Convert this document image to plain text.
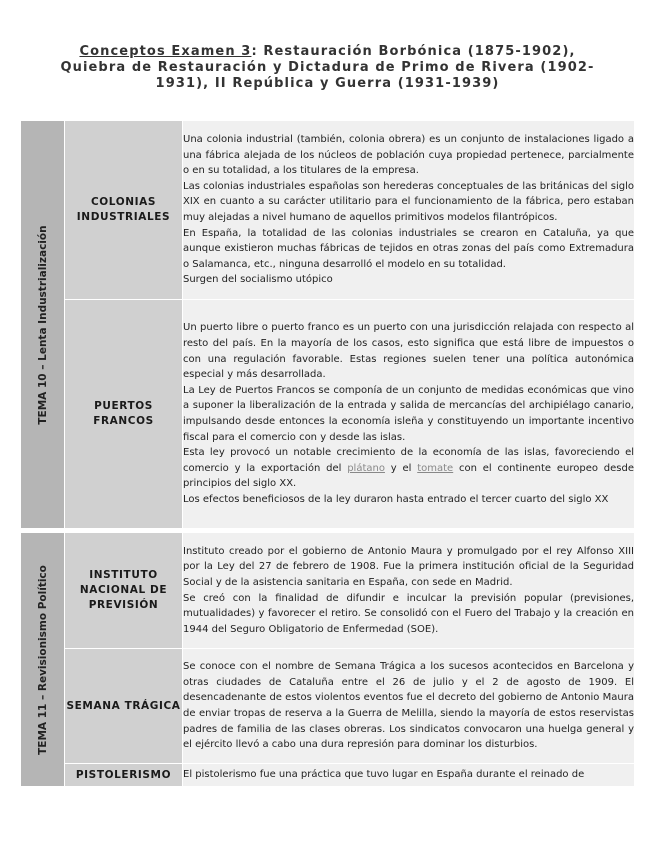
Conceptos Examen 3: Restauración Borbónica (1875-1902), Quiebra de Restauración y Dictadura de Primo de Rivera (1902-1931), II República y Guerra (1931-1939)
TEMA 10 – Lenta Industrialización	COLONIAS INDUSTRIALES	Una colonia industrial (también, colonia obrera) es un conjunto de instalaciones ligado a una fábrica alejada de los núcleos de población cuya propiedad pertenece, parcialmente o en su totalidad, a los titulares de la empresa.

Las colonias industriales españolas son herederas conceptuales de las británicas del siglo XIX en cuanto a su carácter utilitario para el funcionamiento de la fábrica, pero estaban muy alejadas a nivel humano de aquellos primitivos modelos filantrópicos.

En España, la totalidad de las colonias industriales se crearon en Cataluña, ya que aunque existieron muchas fábricas de tejidos en otras zonas del país como Extremadura o Salamanca, etc., ninguna desarrolló el modelo en su totalidad.

Surgen del socialismo utópico

	PUERTOS FRANCOS	Un puerto libre o puerto franco es un puerto con una jurisdicción relajada con respecto al resto del país. En la mayoría de los casos, esto significa que está libre de impuestos o con una regulación favorable. Estas regiones suelen tener una política autonómica especial y más desarrollada.

La Ley de Puertos Francos se componía de un conjunto de medidas económicas que vino a suponer la liberalización de la entrada y salida de mercancías del archipiélago canario, impulsando desde entonces la economía isleña y constituyendo un importante incentivo fiscal para el comercio con y desde las islas.

Esta ley provocó un notable crecimiento de la economía de las islas, favoreciendo el comercio y la exportación del plátano y el tomate con el continente europeo desde principios del siglo XX.

Los efectos beneficiosos de la ley duraron hasta entrado el tercer cuarto del siglo XX

TEMA 11 – Revisionismo Político	INSTITUTO NACIONAL DE PREVISIÓN	Instituto creado por el gobierno de Antonio Maura y promulgado por el rey Alfonso XIII por la Ley del 27 de febrero de 1908. Fue la primera institución oficial de la Seguridad Social y de la asistencia sanitaria en España, con sede en Madrid.

Se creó con la finalidad de difundir e inculcar la previsión popular (previsiones, mutualidades) y favorecer el retiro. Se consolidó con el Fuero del Trabajo y la creación en 1944 del Seguro Obligatorio de Enfermedad (SOE).

	SEMANA TRÁGICA	Se conoce con el nombre de Semana Trágica a los sucesos acontecidos en Barcelona y otras ciudades de Cataluña entre el 26 de julio y el 2 de agosto de 1909. El desencadenante de estos violentos eventos fue el decreto del gobierno de Antonio Maura de enviar tropas de reserva a la Guerra de Melilla, siendo la mayoría de estos reservistas padres de familia de las clases obreras. Los sindicatos convocaron una huelga general y el ejército llevó a cabo una dura represión para dominar los disturbios.

	PISTOLERISMO	El pistolerismo fue una práctica que tuvo lugar en España durante el reinado de
